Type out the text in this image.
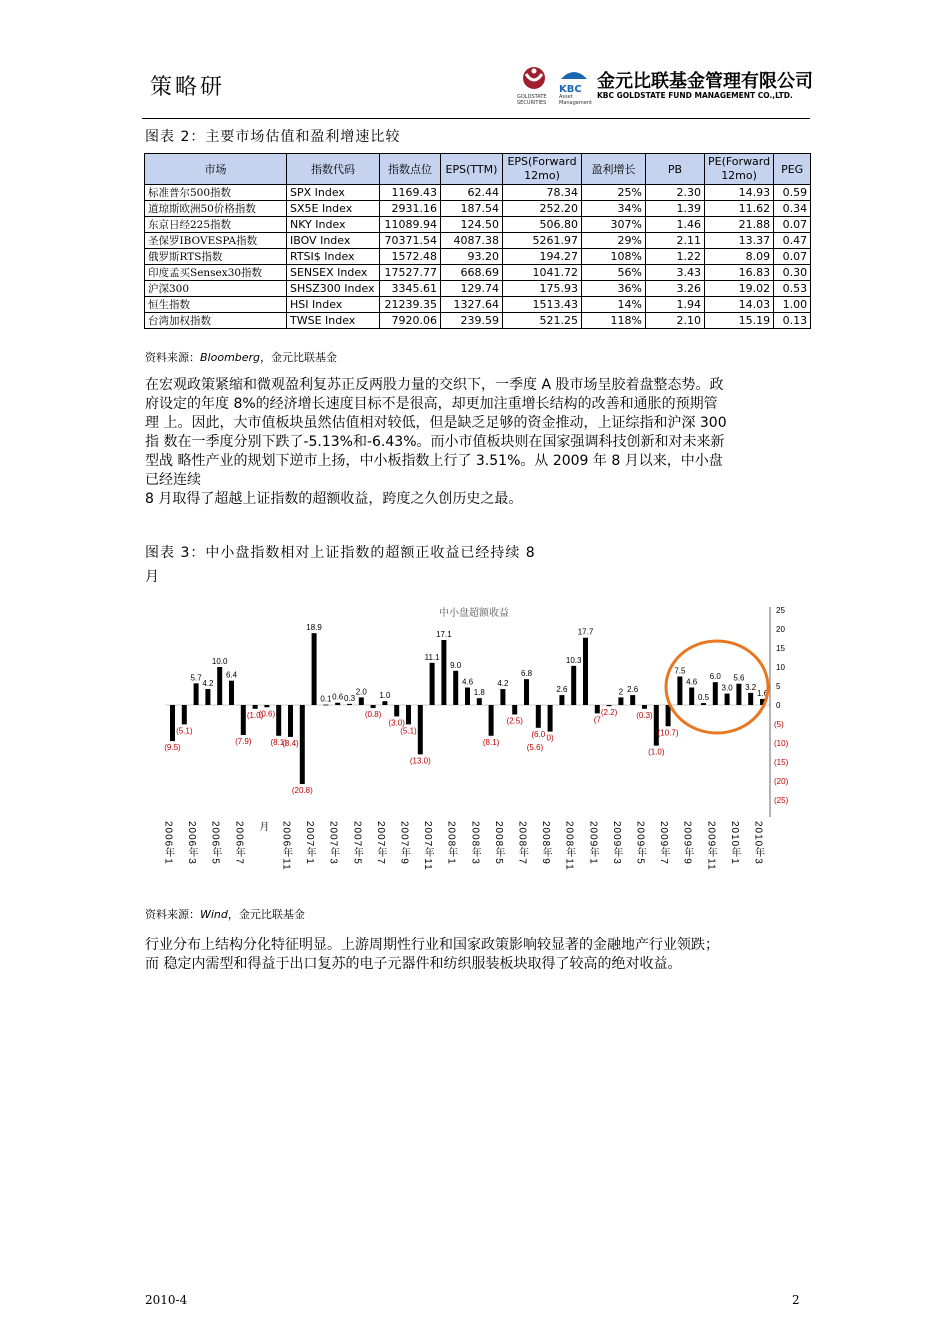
策略研	GOLDSTATE SECURITIES
KBC
Asset Management
金元比联基金管理有限公司
KBC GOLDSTATE FUND MANAGEMENT CO.,LTD.
图表 2：主要市场估值和盈利增速比较
市场	指数代码	指数点位	EPS(TTM)	EPS(Forward 12mo)	盈利增长	PB	PE(Forward 12mo)	PEG
标准普尔500指数	SPX Index	1169.43	62.44	78.34	25%	2.30	14.93	0.59
道琼斯欧洲50价格指数	SX5E Index	2931.16	187.54	252.20	34%	1.39	11.62	0.34
东京日经225指数	NKY Index	11089.94	124.50	506.80	307%	1.46	21.88	0.07
圣保罗IBOVESPA指数	IBOV Index	70371.54	4087.38	5261.97	29%	2.11	13.37	0.47
俄罗斯RTS指数	RTSI$ Index	1572.48	93.20	194.27	108%	1.22	8.09	0.07
印度孟买Sensex30指数	SENSEX Index	17527.77	668.69	1041.72	56%	3.43	16.83	0.30
沪深300	SHSZ300 Index	3345.61	129.74	175.93	36%	3.26	19.02	0.53
恒生指数	HSI Index	21239.35	1327.64	1513.43	14%	1.94	14.03	1.00
台湾加权指数	TWSE Index	7920.06	239.59	521.25	118%	2.10	15.19	0.13
资料来源：Bloomberg，金元比联基金
在宏观政策紧缩和微观盈利复苏正反两股力量的交织下，一季度 A 股市场呈胶着盘整态势。政
府设定的年度 8%的经济增长速度目标不是很高，却更加注重增长结构的改善和通胀的预期管
理 上。因此，大市值板块虽然估值相对较低，但是缺乏足够的资金推动，上证综指和沪深 300
指 数在一季度分别下跌了-5.13%和-6.43%。而小市值板块则在国家强调科技创新和对未来新
型战 略性产业的规划下逆市上扬，中小板指数上行了 3.51%。从 2009 年 8 月以来，中小盘
已经连续
8 月取得了超越上证指数的超额收益，跨度之久创历史之最。
图表 3：中小盘指数相对上证指数的超额正收益已经持续 8
月
中小盘超额收益
(9.5)
(5.1)
5.7
4.2
10.0
6.4
(7.9)
(1.0)
(0.6)
(8.1)
(8.4)
(20.8)
18.9
0.1 0.6 0.3
2.0
(0.8)
1.0
(3.0)
(5.1)
(13.0)
11.1
17.1
9.0
4.6
1.8
(8.1)
4.2
(2.5)
6.8
(6.0 0)
2.6
10.3
17.7
(7
(2.2)
2 2.6
(0.3)
(1.0)
(10.7)
7.5
4.6
0.5
6.0
3.0
5.6
3.2
1.6
(5.6)
25
20
15
10
5
0
(5)
(10)
(15)
(20)
(25)
2006年1 2006年3 2006年5 2006年7 月 2006年11 2007年1 2007年3 2007年5 2007年7 2007年9 2007年11 2008年1 2008年3 2008年5 2008年7 2008年9 2008年11 2009年1 2009年3 2009年5 2009年7 2009年9 2009年11 2010年1 2010年3
资料来源：Wind，金元比联基金
行业分布上结构分化特征明显。上游周期性行业和国家政策影响较显著的金融地产行业领跌；
而 稳定内需型和得益于出口复苏的电子元器件和纺织服装板块取得了较高的绝对收益。
2010-4	2
